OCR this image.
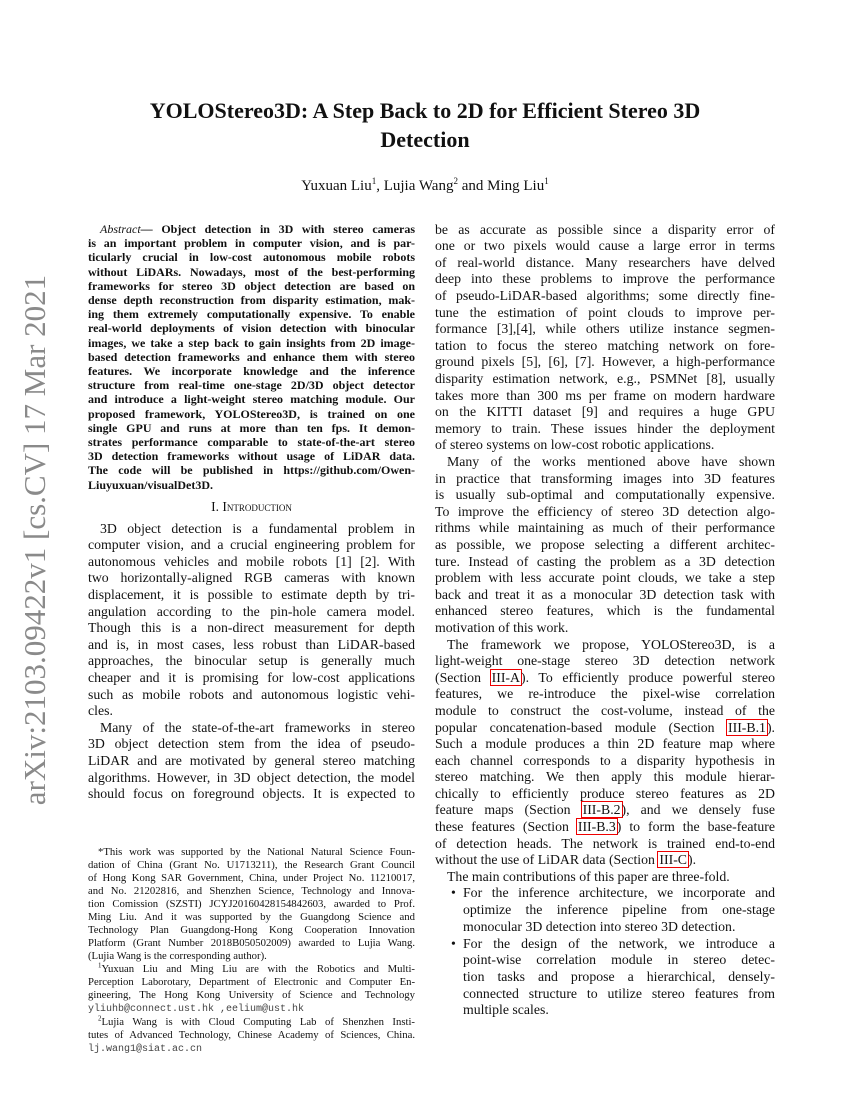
arXiv:2103.09422v1 [cs.CV] 17 Mar 2021
YOLOStereo3D: A Step Back to 2D for Efficient Stereo 3D
Detection
Yuxuan Liu$^1$, Lujia Wang$^2$ and Ming Liu$^1$
Abstract— Object detection in 3D with stereo cameras
is an important problem in computer vision, and is par-
ticularly crucial in low-cost autonomous mobile robots
without LiDARs. Nowadays, most of the best-performing
frameworks for stereo 3D object detection are based on
dense depth reconstruction from disparity estimation, mak-
ing them extremely computationally expensive. To enable
real-world deployments of vision detection with binocular
images, we take a step back to gain insights from 2D image-
based detection frameworks and enhance them with stereo
features. We incorporate knowledge and the inference
structure from real-time one-stage 2D/3D object detector
and introduce a light-weight stereo matching module. Our
proposed framework, YOLOStereo3D, is trained on one
single GPU and runs at more than ten fps. It demon-
strates performance comparable to state-of-the-art stereo
3D detection frameworks without usage of LiDAR data.
The code will be published in https://github.com/Owen-
Liuyuxuan/visualDet3D.
I. Introduction
3D object detection is a fundamental problem in
computer vision, and a crucial engineering problem for
autonomous vehicles and mobile robots [1] [2]. With
two horizontally-aligned RGB cameras with known
displacement, it is possible to estimate depth by tri-
angulation according to the pin-hole camera model.
Though this is a non-direct measurement for depth
and is, in most cases, less robust than LiDAR-based
approaches, the binocular setup is generally much
cheaper and it is promising for low-cost applications
such as mobile robots and autonomous logistic vehi-
cles.
Many of the state-of-the-art frameworks in stereo
3D object detection stem from the idea of pseudo-
LiDAR and are motivated by general stereo matching
algorithms. However, in 3D object detection, the model
should focus on foreground objects. It is expected to
*This work was supported by the National Natural Science Foun-
dation of China (Grant No. U1713211), the Research Grant Council
of Hong Kong SAR Government, China, under Project No. 11210017,
and No. 21202816, and Shenzhen Science, Technology and Innova-
tion Comission (SZSTI) JCYJ20160428154842603, awarded to Prof.
Ming Liu. And it was supported by the Guangdong Science and
Technology Plan Guangdong-Hong Kong Cooperation Innovation
Platform (Grant Number 2018B050502009) awarded to Lujia Wang.
(Lujia Wang is the corresponding author).
$^1$Yuxuan Liu and Ming Liu are with the Robotics and Multi-
Perception Laborotary, Department of Electronic and Computer En-
gineering, The Hong Kong University of Science and Technology
yliuhb@connect.ust.hk ,eelium@ust.hk
$^2$Lujia Wang is with Cloud Computing Lab of Shenzhen Insti-
tutes of Advanced Technology, Chinese Academy of Sciences, China.
lj.wang1@siat.ac.cn
be as accurate as possible since a disparity error of
one or two pixels would cause a large error in terms
of real-world distance. Many researchers have delved
deep into these problems to improve the performance
of pseudo-LiDAR-based algorithms; some directly fine-
tune the estimation of point clouds to improve per-
formance [3],[4], while others utilize instance segmen-
tation to focus the stereo matching network on fore-
ground pixels [5], [6], [7]. However, a high-performance
disparity estimation network, e.g., PSMNet [8], usually
takes more than 300 ms per frame on modern hardware
on the KITTI dataset [9] and requires a huge GPU
memory to train. These issues hinder the deployment
of stereo systems on low-cost robotic applications.
Many of the works mentioned above have shown
in practice that transforming images into 3D features
is usually sub-optimal and computationally expensive.
To improve the efficiency of stereo 3D detection algo-
rithms while maintaining as much of their performance
as possible, we propose selecting a different architec-
ture. Instead of casting the problem as a 3D detection
problem with less accurate point clouds, we take a step
back and treat it as a monocular 3D detection task with
enhanced stereo features, which is the fundamental
motivation of this work.
The framework we propose, YOLOStereo3D, is a
light-weight one-stage stereo 3D detection network
(Section III-A). To efficiently produce powerful stereo
features, we re-introduce the pixel-wise correlation
module to construct the cost-volume, instead of the
popular concatenation-based module (Section III-B.1).
Such a module produces a thin 2D feature map where
each channel corresponds to a disparity hypothesis in
stereo matching. We then apply this module hierar-
chically to efficiently produce stereo features as 2D
feature maps (Section III-B.2), and we densely fuse
these features (Section III-B.3) to form the base-feature
of detection heads. The network is trained end-to-end
without the use of LiDAR data (Section III-C).
The main contributions of this paper are three-fold.
• For the inference architecture, we incorporate and
optimize the inference pipeline from one-stage
monocular 3D detection into stereo 3D detection.
• For the design of the network, we introduce a
point-wise correlation module in stereo detec-
tion tasks and propose a hierarchical, densely-
connected structure to utilize stereo features from
multiple scales.
